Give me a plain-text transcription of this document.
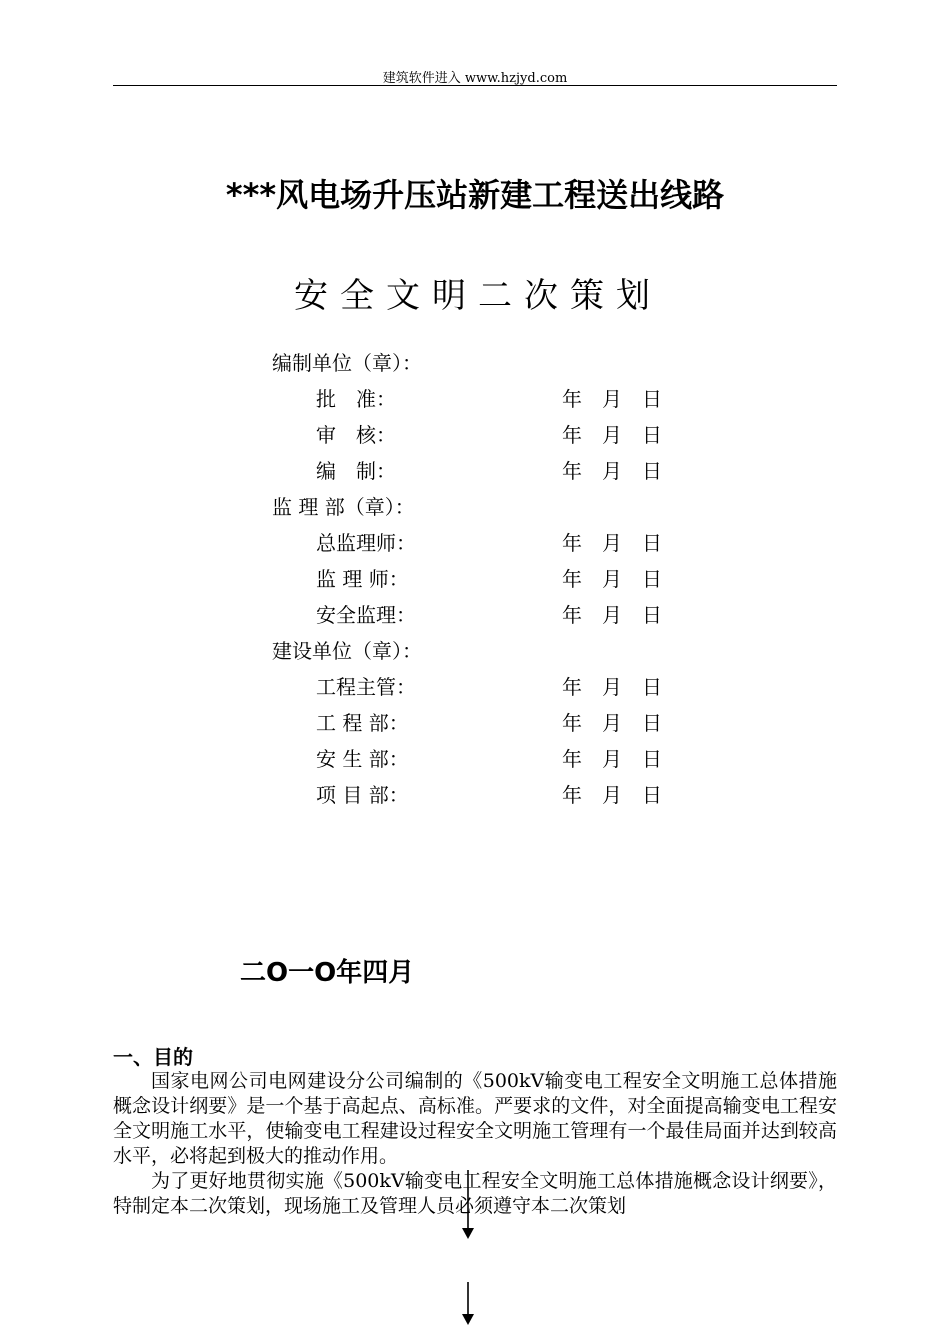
建筑软件进入 www.hzjyd.com
***风电场升压站新建工程送出线路
安全文明二次策划
编制单位（章）：
批　准：	年月日
审　核：	年月日
编　制：	年月日
监 理 部（章）：
总监理师：	年月日
监 理 师：	年月日
安全监理：	年月日
建设单位（章）：
工程主管：	年月日
工 程 部：	年月日
安 生 部：	年月日
项 目 部：	年月日
二O一O年四月
一、目的
国家电网公司电网建设分公司编制的《500kV输变电工程安全文明施工总体措施概念设计纲要》是一个基于高起点、高标准。严要求的文件，对全面提高输变电工程安全文明施工水平，使输变电工程建设过程安全文明施工管理有一个最佳局面并达到较高水平，必将起到极大的推动作用。
为了更好地贯彻实施《500kV输变电工程安全文明施工总体措施概念设计纲要》，特制定本二次策划，现场施工及管理人员必须遵守本二次策划
